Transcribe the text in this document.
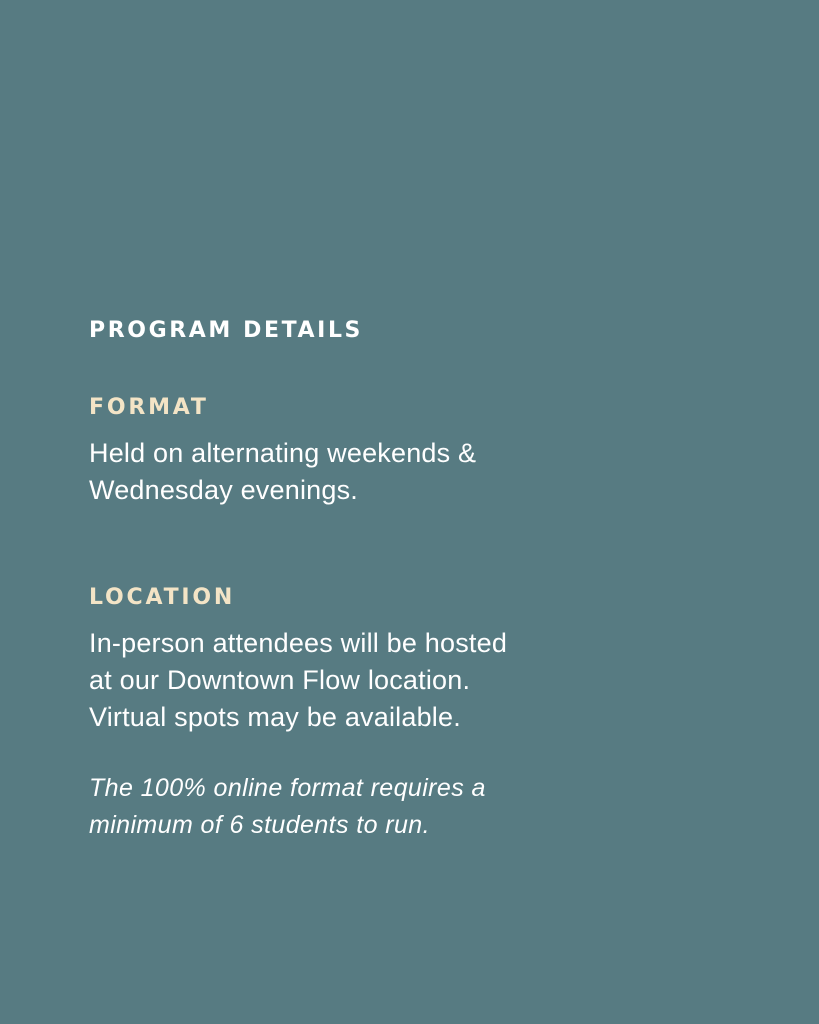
PROGRAM DETAILS
FORMAT

Held on alternating weekends &
Wednesday evenings.

LOCATION

In-person attendees will be hosted
at our Downtown Flow location.
Virtual spots may be available.

The 100% online format requires a
minimum of 6 students to run.
